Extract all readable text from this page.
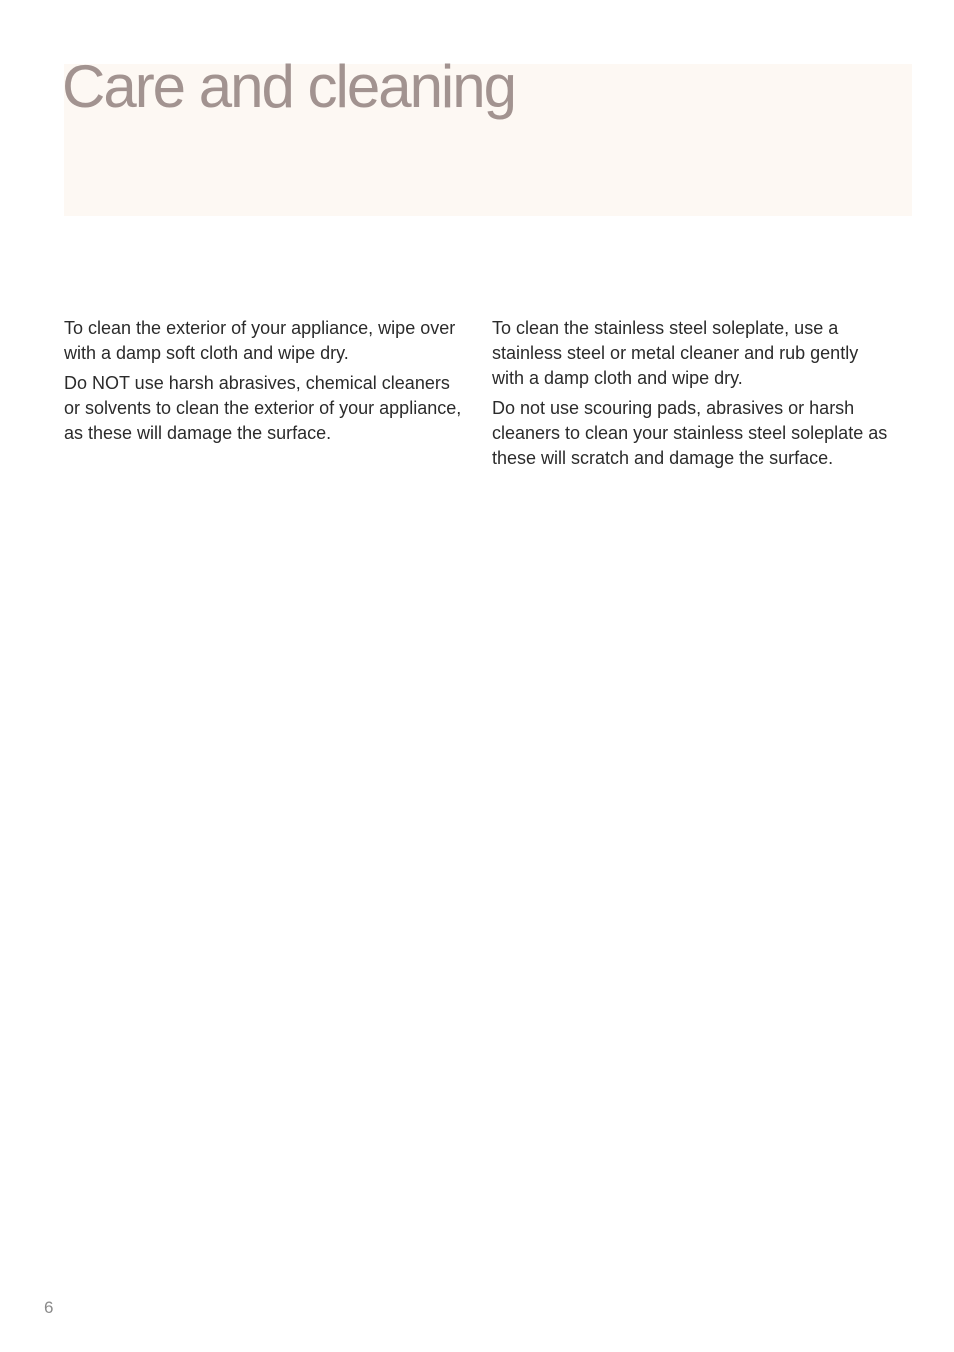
Care and cleaning

To clean the exterior of your appliance, wipe over with a damp soft cloth and wipe dry.

Do NOT use harsh abrasives, chemical cleaners or solvents to clean the exterior of your appliance, as these will damage the surface.

To clean the stainless steel soleplate, use a stainless steel or metal cleaner and rub gently with a damp cloth and wipe dry.

Do not use scouring pads, abrasives or harsh cleaners to clean your stainless steel soleplate as these will scratch and damage the surface.

6
